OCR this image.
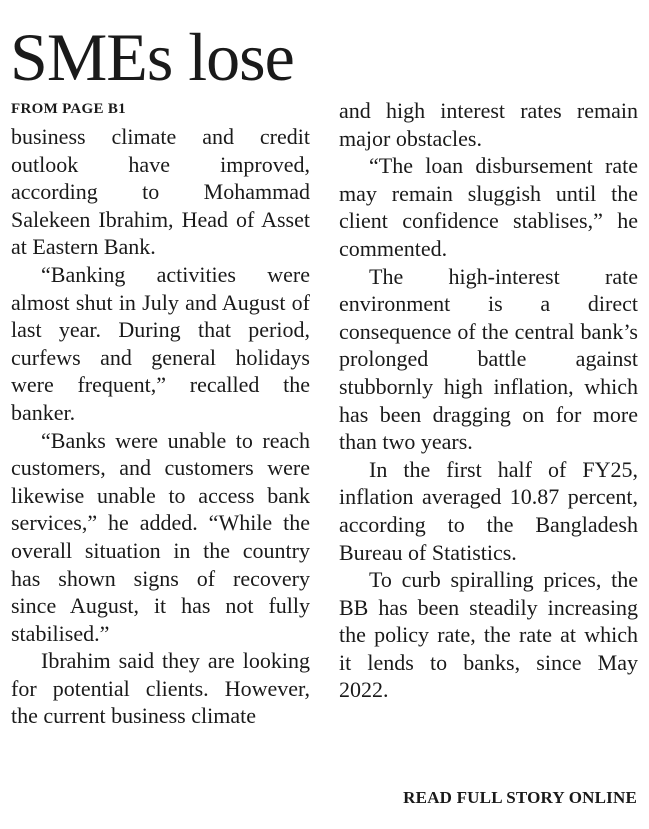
SMEs lose
FROM PAGE B1

business climate and credit outlook have improved, according to Mohammad Salekeen Ibrahim, Head of Asset at Eastern Bank.

“Banking activities were almost shut in July and August of last year. During that period, curfews and general holidays were frequent,” recalled the banker.

“Banks were unable to reach customers, and customers were likewise unable to access bank services,” he added. “While the overall situation in the country has shown signs of recovery since August, it has not fully stabilised.”

Ibrahim said they are looking for potential clients. However, the current business climate

and high interest rates remain major obstacles.

“The loan disbursement rate may remain sluggish until the client confidence stablises,” he commented.

The high-interest rate environment is a direct consequence of the central bank’s prolonged battle against stubbornly high inflation, which has been dragging on for more than two years.

In the first half of FY25, inflation averaged 10.87 percent, according to the Bangladesh Bureau of Statistics.

To curb spiralling prices, the BB has been steadily increasing the policy rate, the rate at which it lends to banks, since May 2022.

READ FULL STORY ONLINE
